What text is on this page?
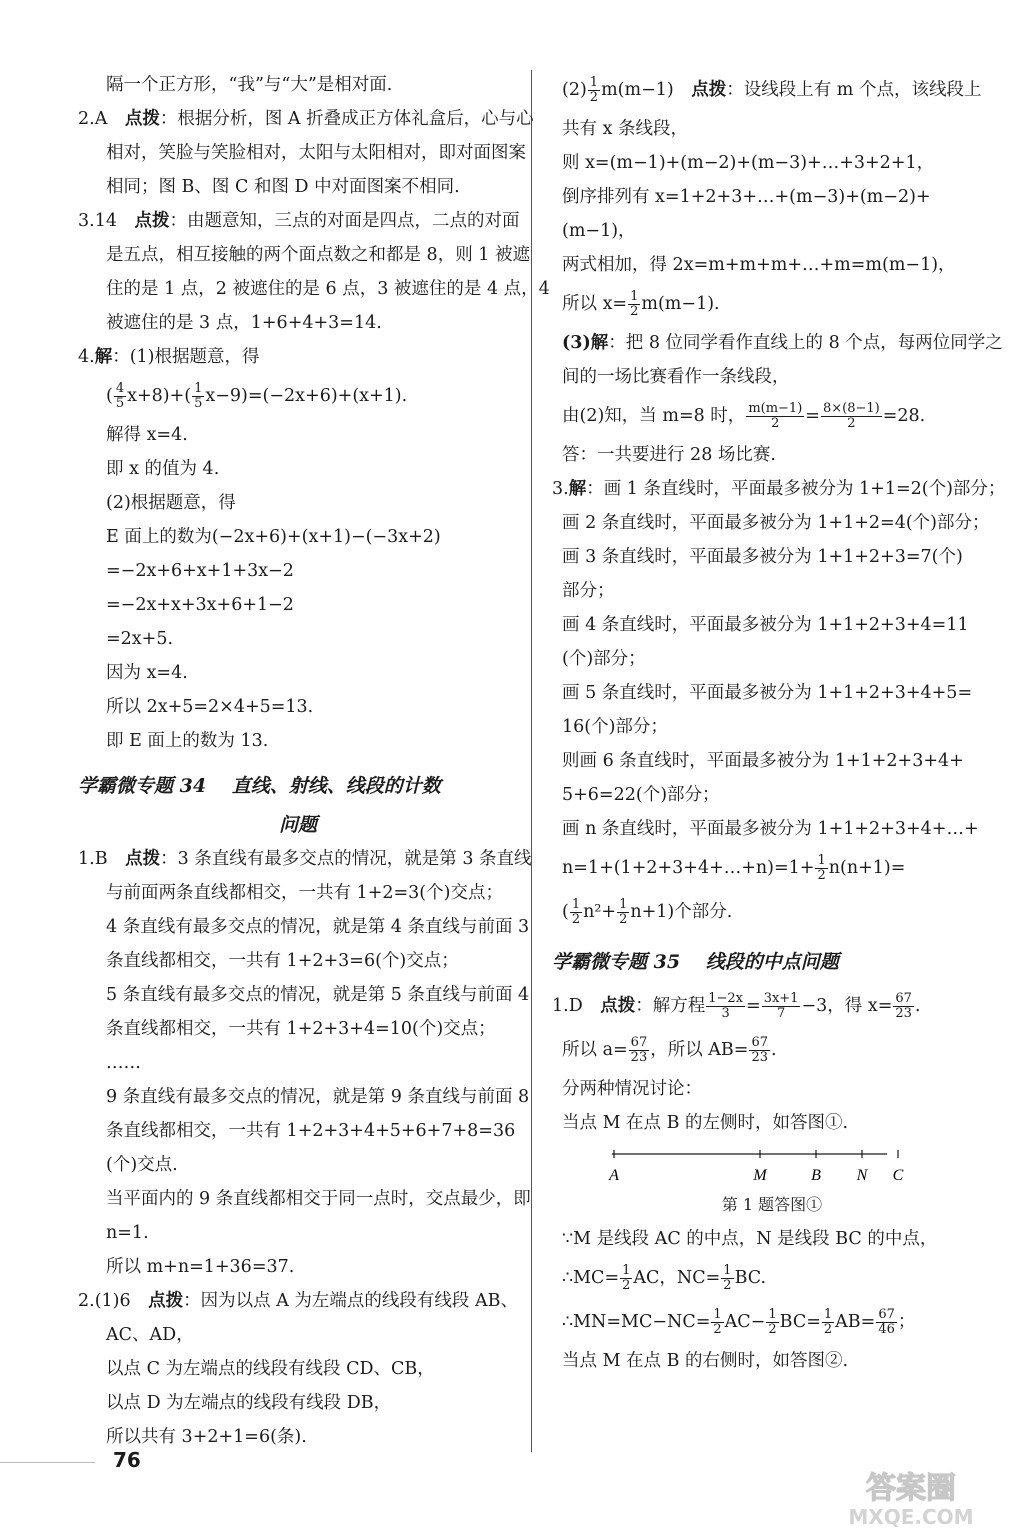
隔一个正方形，“我”与“大”是相对面.
2.A　 点拨：根据分析，图 A 折叠成正方体礼盒后，心与心
相对，笑脸与笑脸相对，太阳与太阳相对，即对面图案
相同；图 B、图 C 和图 D 中对面图案不相同.
3.14　 点拨：由题意知，三点的对面是四点，二点的对面
是五点，相互接触的两个面点数之和都是 8，则 1 被遮
住的是 1 点，2 被遮住的是 6 点，3 被遮住的是 4 点，4
被遮住的是 3 点，1+6+4+3=14.
4.解：(1)根据题意，得
( $\frac{4}{5} x+8)+( \frac{1}{5} x-9)=(-2x+6)+(x+1)$.
解得 x=4.
即 x 的值为 4.
(2)根据题意，得
E 面上的数为(−2x+6)+(x+1)−(−3x+2)
=−2x+6+x+1+3x−2
=−2x+x+3x+6+1−2
=2x+5.
因为 x=4.
所以 2x+5=2×4+5=13.
即 E 面上的数为 13.
学霸微专题 34　 直线、射线、线段的计数
问题
1.B　 点拨：3 条直线有最多交点的情况，就是第 3 条直线
与前面两条直线都相交，一共有 1+2=3(个)交点；
4 条直线有最多交点的情况，就是第 4 条直线与前面 3
条直线都相交，一共有 1+2+3=6(个)交点；
5 条直线有最多交点的情况，就是第 5 条直线与前面 4
条直线都相交，一共有 1+2+3+4=10(个)交点；
……
9 条直线有最多交点的情况，就是第 9 条直线与前面 8
条直线都相交，一共有 1+2+3+4+5+6+7+8=36
(个)交点.
当平面内的 9 条直线都相交于同一点时，交点最少，即
n=1.
所以 m+n=1+36=37.
2.(1)6　 点拨：因为以点 A 为左端点的线段有线段 AB、
AC、AD，
以点 C 为左端点的线段有线段 CD、CB，
以点 D 为左端点的线段有线段 DB，
所以共有 3+2+1=6(条).
$(2) \frac{1}{2} m(m-1)$　 点拨：设线段上有 m 个点，该线段上
共有 x 条线段，
则 x=(m−1)+(m−2)+(m−3)+…+3+2+1，
倒序排列有 x=1+2+3+…+(m−3)+(m−2)+
(m−1)，
两式相加，得 2x=m+m+m+…+m=m(m−1)，
所以 $x= \frac{1}{2} m(m-1)$.
(3)解：把 8 位同学看作直线上的 8 个点，每两位同学之
间的一场比赛看作一条线段，
由(2)知，当 m=8 时， $\frac{m(m-1)}{2} = \frac{8\times(8-1)}{2} =28$.
答：一共要进行 28 场比赛.
3.解：画 1 条直线时，平面最多被分为 1+1=2(个)部分；
画 2 条直线时，平面最多被分为 1+1+2=4(个)部分；
画 3 条直线时，平面最多被分为 1+1+2+3=7(个)
部分；
画 4 条直线时，平面最多被分为 1+1+2+3+4=11
(个)部分；
画 5 条直线时，平面最多被分为 1+1+2+3+4+5=
16(个)部分；
则画 6 条直线时，平面最多被分为 1+1+2+3+4+
5+6=22(个)部分；
画 n 条直线时，平面最多被分为 1+1+2+3+4+…+
n=1+(1+2+3+4+…+n)=1+ $\frac{1}{2} n(n+1)=$
( $\frac{1}{2} n^2+ \frac{1}{2} n+1$)个部分.
学霸微专题 35　 线段的中点问题
1.D　 点拨：解方程 $\frac{1-2x}{3} = \frac{3x+1}{7} -3$，得 $x= \frac{67}{23}$ .
所以 $a= \frac{67}{23}$ ，所以 $AB= \frac{67}{23}$ .
分两种情况讨论：
当点 M 在点 B 的左侧时，如答图①.
A	M	B N C
第 1 题答图①
∵M 是线段 AC 的中点，N 是线段 BC 的中点，
∴MC= $\frac{1}{2}$ AC，$NC= \frac{1}{2}$ BC.
∴MN=MC−NC= $\frac{1}{2} AC- \frac{1}{2} BC= \frac{1}{2} AB= \frac{67}{46}$ ；
当点 M 在点 B 的右侧时，如答图②.
76
答案圈
MXQE.COM
